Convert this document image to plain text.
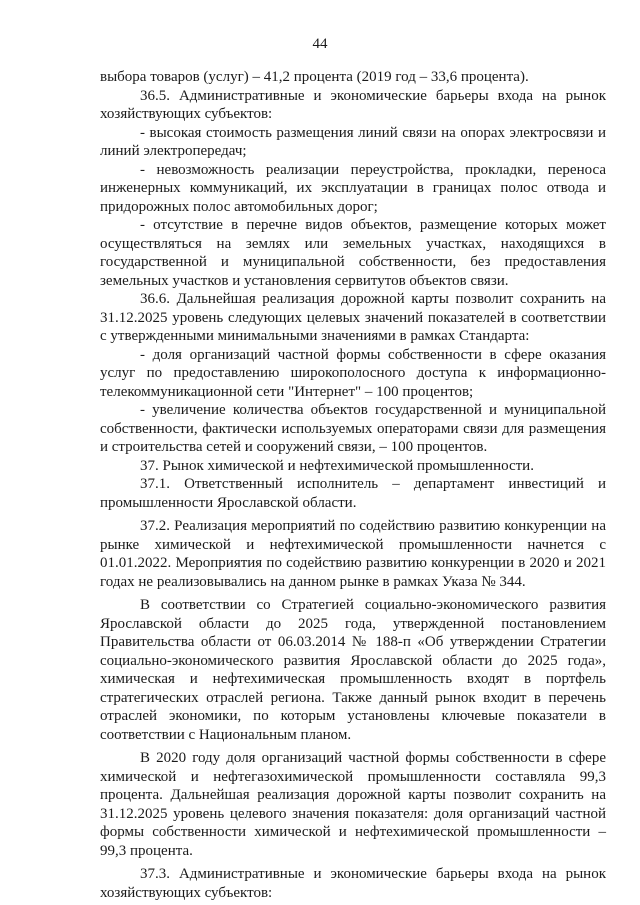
44

выбора товаров (услуг) – 41,2 процента (2019 год – 33,6 процента).

36.5. Административные и экономические барьеры входа на рынок хозяйствующих субъектов:

- высокая стоимость размещения линий связи на опорах электросвязи и линий электропередач;

- невозможность реализации переустройства, прокладки, переноса инженерных коммуникаций, их эксплуатации в границах полос отвода и придорожных полос автомобильных дорог;

- отсутствие в перечне видов объектов, размещение которых может осуществляться на землях или земельных участках, находящихся в государственной и муниципальной собственности, без предоставления земельных участков и установления сервитутов объектов связи.

36.6. Дальнейшая реализация дорожной карты позволит сохранить на 31.12.2025 уровень следующих целевых значений показателей в соответствии с утвержденными минимальными значениями в рамках Стандарта:

- доля организаций частной формы собственности в сфере оказания услуг по предоставлению широкополосного доступа к информационно-телекоммуникационной сети "Интернет" – 100 процентов;

- увеличение количества объектов государственной и муниципальной собственности, фактически используемых операторами связи для размещения и строительства сетей и сооружений связи, – 100 процентов.

37. Рынок химической и нефтехимической промышленности.

37.1. Ответственный исполнитель – департамент инвестиций и промышленности Ярославской области.

37.2. Реализация мероприятий по содействию развитию конкуренции на рынке химической и нефтехимической промышленности начнется с 01.01.2022. Мероприятия по содействию развитию конкуренции в 2020 и 2021 годах не реализовывались на данном рынке в рамках Указа № 344.

В соответствии со Стратегией социально-экономического развития Ярославской области до 2025 года, утвержденной постановлением Правительства области от 06.03.2014 № 188-п «Об утверждении Стратегии социально-экономического развития Ярославской области до 2025 года», химическая и нефтехимическая промышленность входят в портфель стратегических отраслей региона. Также данный рынок входит в перечень отраслей экономики, по которым установлены ключевые показатели в соответствии с Национальным планом.

В 2020 году доля организаций частной формы собственности в сфере химической и нефтегазохимической промышленности составляла 99,3 процента. Дальнейшая реализация дорожной карты позволит сохранить на 31.12.2025 уровень целевого значения показателя: доля организаций частной формы собственности химической и нефтехимической промышленности – 99,3 процента.

37.3. Административные и экономические барьеры входа на рынок хозяйствующих субъектов:
